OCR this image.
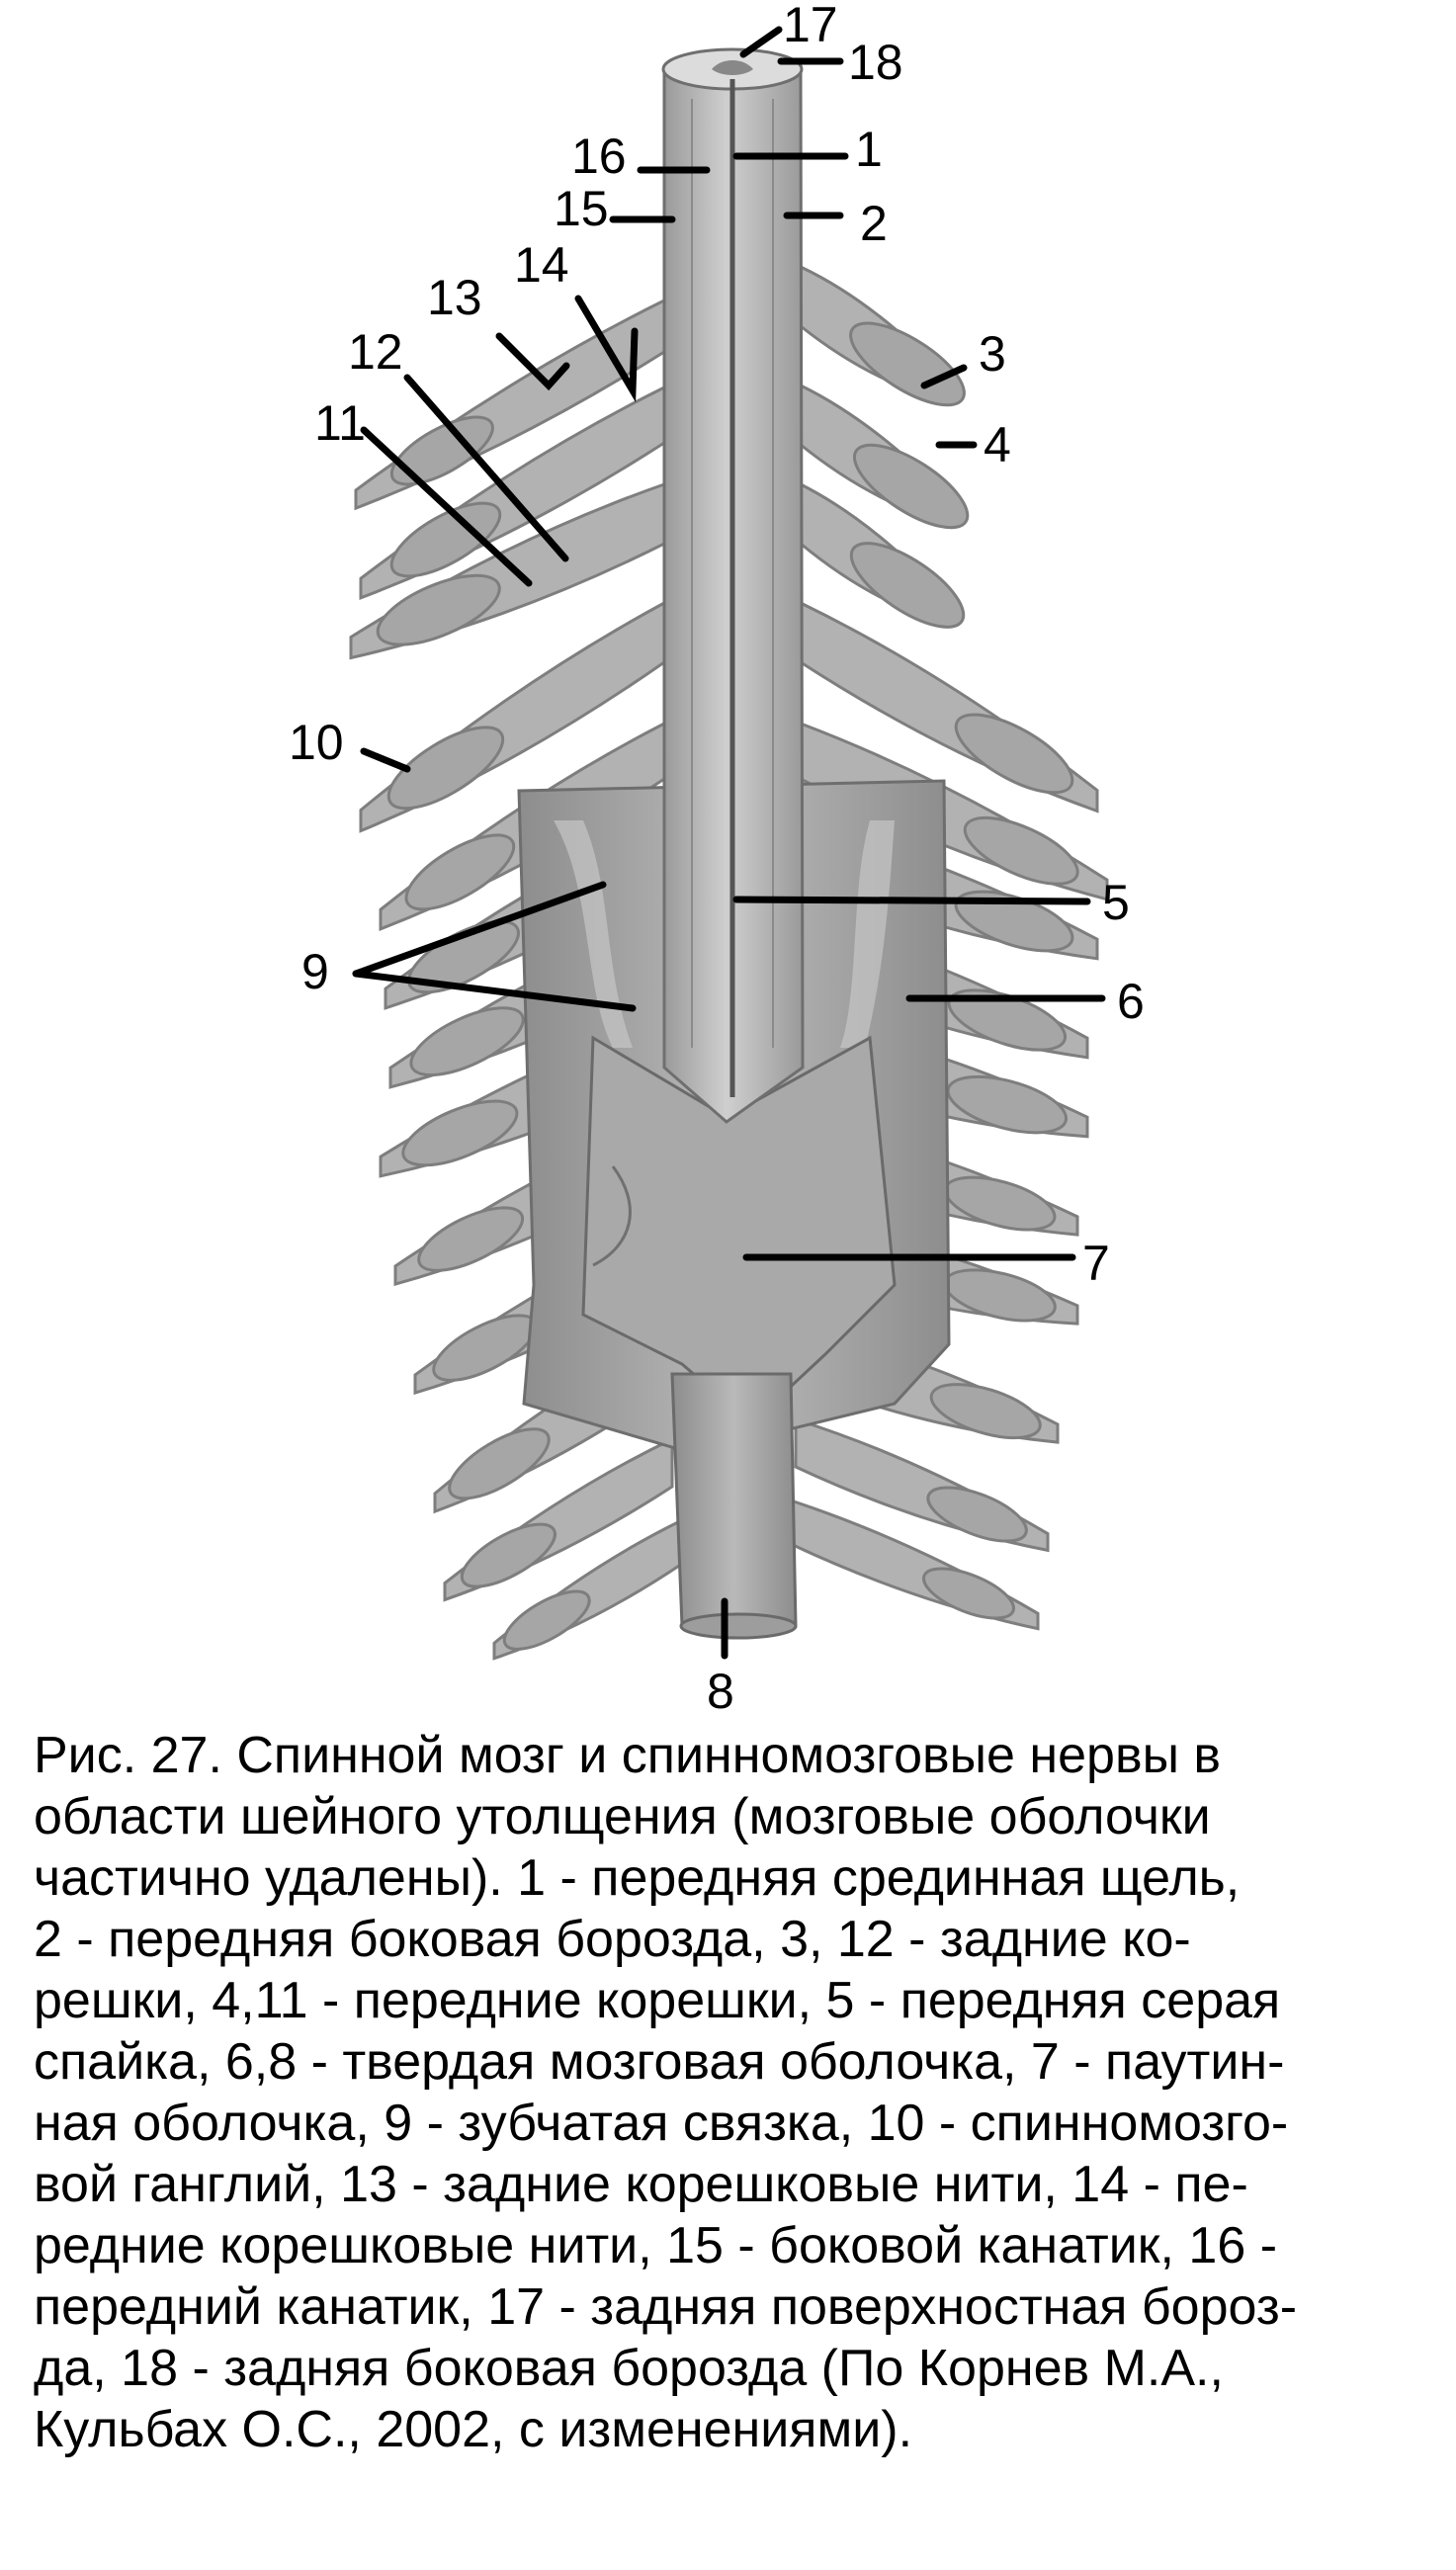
1
2
3
4
5
6
7
8
9
10
11
12
13
14
15
16
17
18
Рис. 27. Спинной мозг и спинномозговые нервы в
области шейного утолщения (мозговые оболочки
частично удалены). 1 - передняя срединная щель,
2 - передняя боковая борозда, 3, 12 - задние ко-
решки, 4,11 - передние корешки, 5 - передняя серая
спайка, 6,8 - твердая мозговая оболочка, 7 - паутин-
ная оболочка, 9 - зубчатая связка, 10 - спинномозго-
вой ганглий, 13 - задние корешковые нити, 14 - пе-
редние корешковые нити, 15 - боковой канатик, 16 -
передний канатик, 17 - задняя поверхностная бороз-
да, 18 - задняя боковая борозда (По Корнев М.А.,
Кульбах О.С., 2002, с изменениями).
